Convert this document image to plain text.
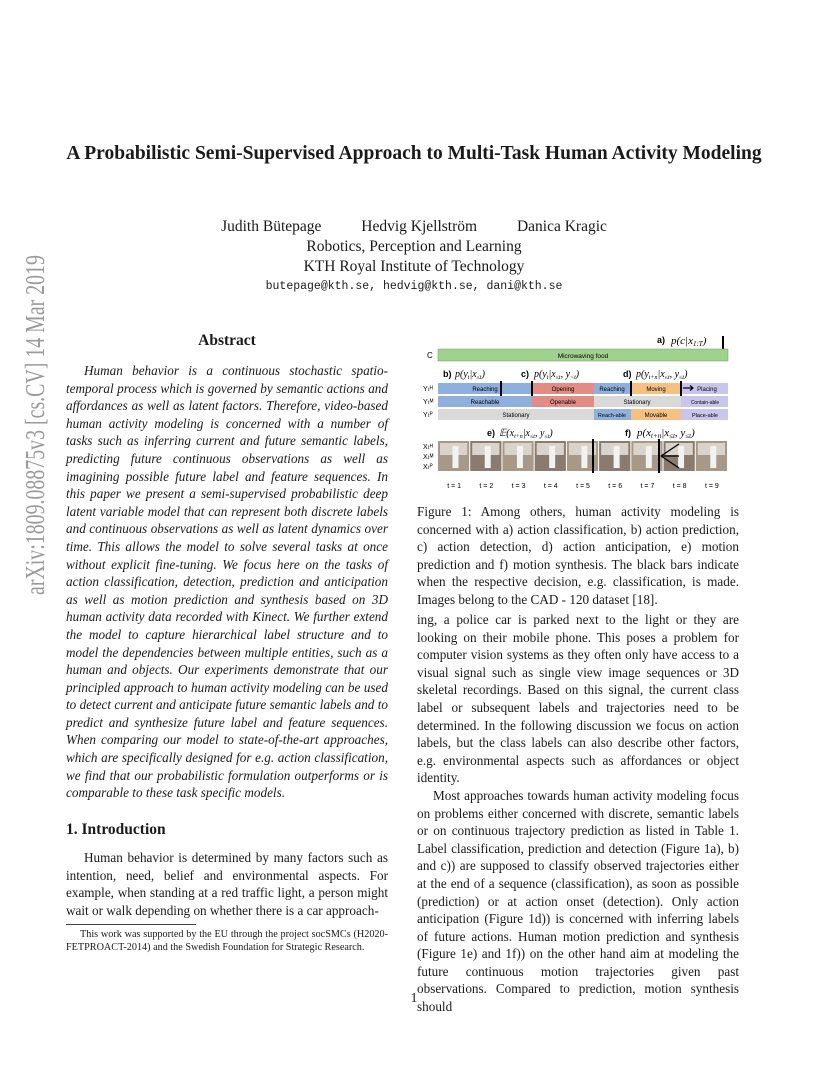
arXiv:1809.08875v3 [cs.CV] 14 Mar 2019 A Probabilistic Semi-Supervised Approach to Multi-Task Human Activity Modeling
Judith Bütepage	Hedvig Kjellström	Danica Kragic
Robotics, Perception and Learning
KTH Royal Institute of Technology
butepage@kth.se, hedvig@kth.se, dani@kth.se
Abstract
Human behavior is a continuous stochastic spatio-temporal process which is governed by semantic actions and affordances as well as latent factors. Therefore, video-based human activity modeling is concerned with a number of tasks such as inferring current and future semantic labels, predicting future continuous observations as well as imagining possible future label and feature sequences. In this paper we present a semi-supervised probabilistic deep latent variable model that can represent both discrete labels and continuous observations as well as latent dynamics over time. This allows the model to solve several tasks at once without explicit fine-tuning. We focus here on the tasks of action classification, detection, prediction and anticipation as well as motion prediction and synthesis based on 3D human activity data recorded with Kinect. We further extend the model to capture hierarchical label structure and to model the dependencies between multiple entities, such as a human and objects. Our experiments demonstrate that our principled approach to human activity modeling can be used to detect current and anticipate future semantic labels and to predict and synthesize future label and feature sequences. When comparing our model to state-of-the-art approaches, which are specifically designed for e.g. action classification, we find that our probabilistic formulation outperforms or is comparable to these task specific models.
1. Introduction
Human behavior is determined by many factors such as intention, need, belief and environmental aspects. For example, when standing at a red traffic light, a person might wait or walk depending on whether there is a car approach-
This work was supported by the EU through the project socSMCs (H2020-FETPROACT-2014) and the Swedish Foundation for Strategic Research.
a) p(c|x1:T)
C	Microwaving food
b) $p(y_t|x_{\le t})$	c) $p(y_t|x_{\le t}$, $y_{<t}$)	d) $p(y_{t+n}|x_{\le t}$, $y_{\le t}$)
Yₜᴴ	Reaching	Opening	Reaching	Moving	Placing
Yₜᴹ	Reachable	Openable	Stationary	Contain-able
Yₜᴾ	Stationary	Reach-able	Movable	Place-able
e) $𝔼(x_{t+n}|x_{\le t}$, $y_{\le t}$)	f) p(xt+n|x≤t, y≤t)
Xₜᴴ
Xₜᴹ
Xₜᴾ
t = 1	t = 2	t = 3	t = 4	t = 5	t = 6	t = 7	t = 8	t = 9
Figure 1: Among others, human activity modeling is concerned with a) action classification, b) action prediction, c) action detection, d) action anticipation, e) motion prediction and f) motion synthesis. The black bars indicate when the respective decision, e.g. classification, is made. Images belong to the CAD - 120 dataset [18].

ing, a police car is parked next to the light or they are looking on their mobile phone. This poses a problem for computer vision systems as they often only have access to a visual signal such as single view image sequences or 3D skeletal recordings. Based on this signal, the current class label or subsequent labels and trajectories need to be determined. In the following discussion we focus on action labels, but the class labels can also describe other factors, e.g. environmental aspects such as affordances or object identity.

Most approaches towards human activity modeling focus on problems either concerned with discrete, semantic labels or on continuous trajectory prediction as listed in Table 1. Label classification, prediction and detection (Figure 1a), b) and c)) are supposed to classify observed trajectories either at the end of a sequence (classification), as soon as possible (prediction) or at action onset (detection). Only action anticipation (Figure 1d)) is concerned with inferring labels of future actions. Human motion prediction and synthesis (Figure 1e) and 1f)) on the other hand aim at modeling the future continuous motion trajectories given past observations. Compared to prediction, motion synthesis should

1
